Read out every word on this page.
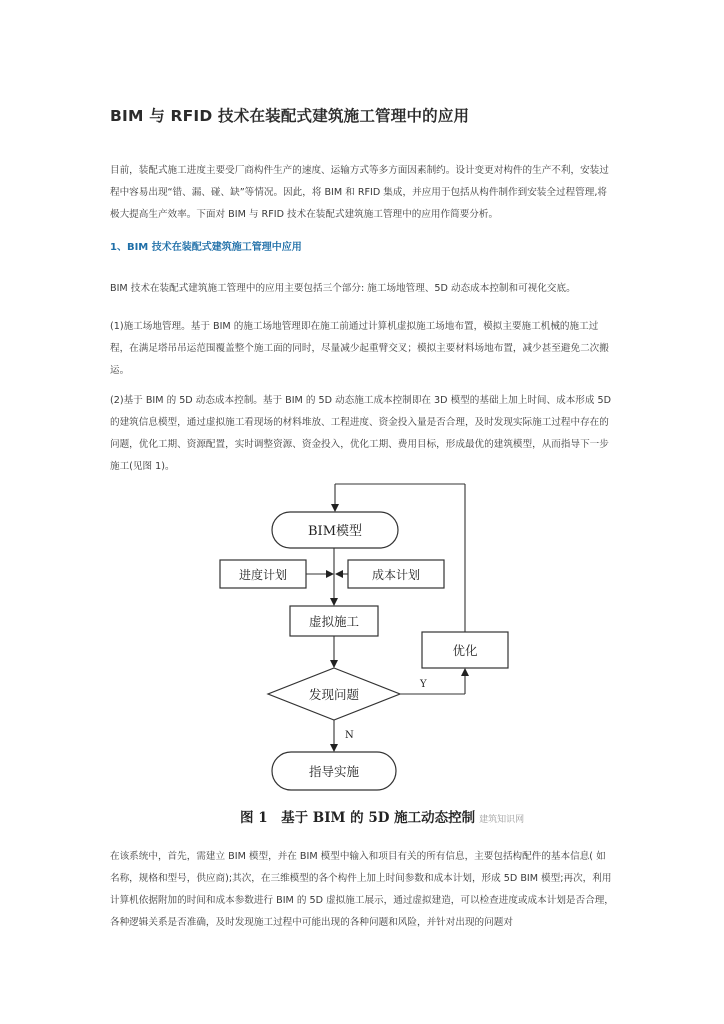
BIM 与 RFID 技术在装配式建筑施工管理中的应用

目前，装配式施工进度主要受厂商构件生产的速度、运输方式等多方面因素制约。设计变更对构件的生产不利，安装过程中容易出现“错、漏、碰、缺”等情况。因此，将 BIM 和 RFID 集成，并应用于包括从构件制作到安装全过程管理,将极大提高生产效率。下面对 BIM 与 RFID 技术在装配式建筑施工管理中的应用作简要分析。

1、BIM 技术在装配式建筑施工管理中应用

BIM 技术在装配式建筑施工管理中的应用主要包括三个部分: 施工场地管理、5D 动态成本控制和可视化交底。

(1)施工场地管理。基于 BIM 的施工场地管理即在施工前通过计算机虚拟施工场地布置，模拟主要施工机械的施工过程，在满足塔吊吊运范围覆盖整个施工面的同时，尽量减少起重臂交叉；模拟主要材料场地布置，减少甚至避免二次搬运。

(2)基于 BIM 的 5D 动态成本控制。基于 BIM 的 5D 动态施工成本控制即在 3D 模型的基础上加上时间、成本形成 5D 的建筑信息模型，通过虚拟施工看现场的材料堆放、工程进度、资金投入量是否合理，及时发现实际施工过程中存在的问题，优化工期、资源配置，实时调整资源、资金投入，优化工期、费用目标，形成最优的建筑模型，从而指导下一步施工(见图 1)。

BIM模型
进度计划	成本计划
虚拟施工
优化
发现问题
指导实施
Y
N

图 1　基于 BIM 的 5D 施工动态控制 建筑知识网

在该系统中，首先，需建立 BIM 模型，并在 BIM 模型中输入和项目有关的所有信息，主要包括构配件的基本信息( 如名称，规格和型号，供应商);其次，在三维模型的各个构件上加上时间参数和成本计划，形成 5D BIM 模型;再次，利用计算机依据附加的时间和成本参数进行 BIM 的 5D 虚拟施工展示，通过虚拟建造，可以检查进度或成本计划是否合理，各种逻辑关系是否准确，及时发现施工过程中可能出现的各种问题和风险，并针对出现的问题对
